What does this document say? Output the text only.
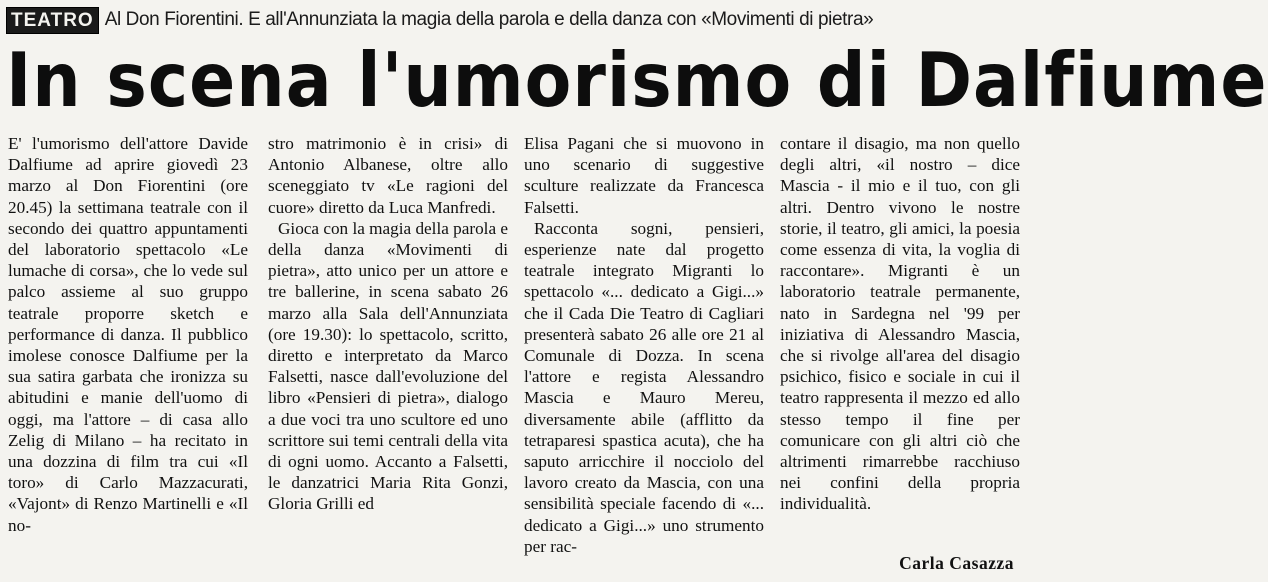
TEATRO Al Don Fiorentini. E all'Annunziata la magia della parola e della danza con «Movimenti di pietra»
In scena l'umorismo di Dalfiume

E' l'umorismo dell'attore Davide Dalfiume ad aprire giovedì 23 marzo al Don Fiorentini (ore 20.45) la settimana teatrale con il secondo dei quattro appuntamenti del laboratorio spettacolo «Le lumache di corsa», che lo vede sul palco assieme al suo gruppo teatrale proporre sketch e performance di danza. Il pubblico imolese conosce Dalfiume per la sua satira garbata che ironizza su abitudini e manie dell'uomo di oggi, ma l'attore – di casa allo Zelig di Milano – ha recitato in una dozzina di film tra cui «Il toro» di Carlo Mazzacurati, «Vajont» di Renzo Martinelli e «Il no-

stro matrimonio è in crisi» di Antonio Albanese, oltre allo sceneggiato tv «Le ragioni del cuore» diretto da Luca Manfredi.

Gioca con la magia della parola e della danza «Movimenti di pietra», atto unico per un attore e tre ballerine, in scena sabato 26 marzo alla Sala dell'Annunziata (ore 19.30): lo spettacolo, scritto, diretto e interpretato da Marco Falsetti, nasce dall'evoluzione del libro «Pensieri di pietra», dialogo a due voci tra uno scultore ed uno scrittore sui temi centrali della vita di ogni uomo. Accanto a Falsetti, le danzatrici Maria Rita Gonzi, Gloria Grilli ed

Elisa Pagani che si muovono in uno scenario di suggestive sculture realizzate da Francesca Falsetti.

Racconta sogni, pensieri, esperienze nate dal progetto teatrale integrato Migranti lo spettacolo «... dedicato a Gigi...» che il Cada Die Teatro di Cagliari presenterà sabato 26 alle ore 21 al Comunale di Dozza. In scena l'attore e regista Alessandro Mascia e Mauro Mereu, diversamente abile (afflitto da tetraparesi spastica acuta), che ha saputo arricchire il nocciolo del lavoro creato da Mascia, con una sensibilità speciale facendo di «... dedicato a Gigi...» uno strumento per rac-

contare il disagio, ma non quello degli altri, «il nostro – dice Mascia - il mio e il tuo, con gli altri. Dentro vivono le nostre storie, il teatro, gli amici, la poesia come essenza di vita, la voglia di raccontare». Migranti è un laboratorio teatrale permanente, nato in Sardegna nel '99 per iniziativa di Alessandro Mascia, che si rivolge all'area del disagio psichico, fisico e sociale in cui il teatro rappresenta il mezzo ed allo stesso tempo il fine per comunicare con gli altri ciò che altrimenti rimarrebbe racchiuso nei confini della propria individualità.

Carla Casazza
